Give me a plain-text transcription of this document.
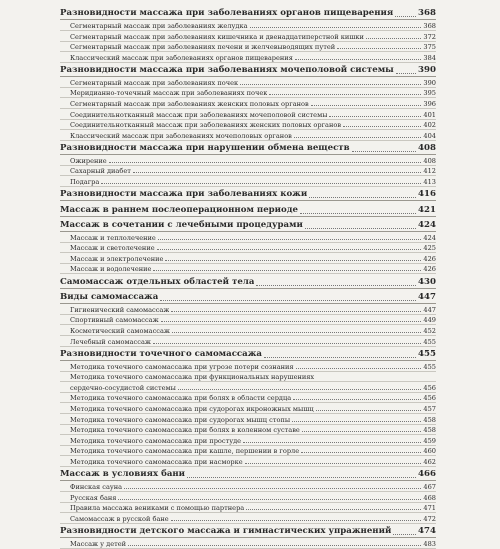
Разновидности массажа при заболеваниях органов пищеварения	368
Сегментарный массаж при заболеваниях желудка	368
Сегментарный массаж при заболеваниях кишечника и двенадцатиперстной кишки	372
Сегментарный массаж при заболеваниях печени и желчевыводящих путей	375
Классический массаж при заболеваниях органов пищеварения	384
Разновидности массажа при заболеваниях мочеполовой системы	390
Сегментарный массаж при заболеваниях почек	390
Меридианно-точечный массаж при заболеваниях почек	395
Сегментарный массаж при заболеваниях женских половых органов	396
Соединительнотканный массаж при заболеваниях мочеполовой системы	401
Соединительнотканный массаж при заболеваниях женских половых органов	402
Классический массаж при заболеваниях мочеполовых органов	404
Разновидности массажа при нарушении обмена веществ	408
Ожирение	408
Сахарный диабет	412
Подагра	413
Разновидности массажа при заболеваниях кожи	416
Массаж в раннем послеоперационном периоде	421
Массаж в сочетании с лечебными процедурами	424
Массаж и теплолечение	424
Массаж и светолечение	425
Массаж и электролечение	426
Массаж и водолечение	426
Самомассаж отдельных областей тела	430
Виды самомассажа	447
Гигиенический самомассаж	447
Спортивный самомассаж	449
Косметический самомассаж	452
Лечебный самомассаж	455
Разновидности точечного самомассажа	455
Методика точечного самомассажа при угрозе потери сознания	455
Методика точечного самомассажа при функциональных нарушениях
сердечно-сосудистой системы	456
Методика точечного самомассажа при болях в области сердца	456
Методика точечного самомассажа при судорогах икроножных мышц	457
Методика точечного самомассажа при судорогах мышц стопы	458
Методика точечного самомассажа при болях в коленном суставе	458
Методика точечного самомассажа при простуде	459
Методика точечного самомассажа при кашле, першении в горле	460
Методика точечного самомассажа при насморке	462
Массаж в условиях бани	466
Финская сауна	467
Русская баня	468
Правила массажа вениками с помощью партнера	471
Самомассаж в русской бане	472
Разновидности детского массажа и гимнастических упражнений	474
Массаж у детей	483
